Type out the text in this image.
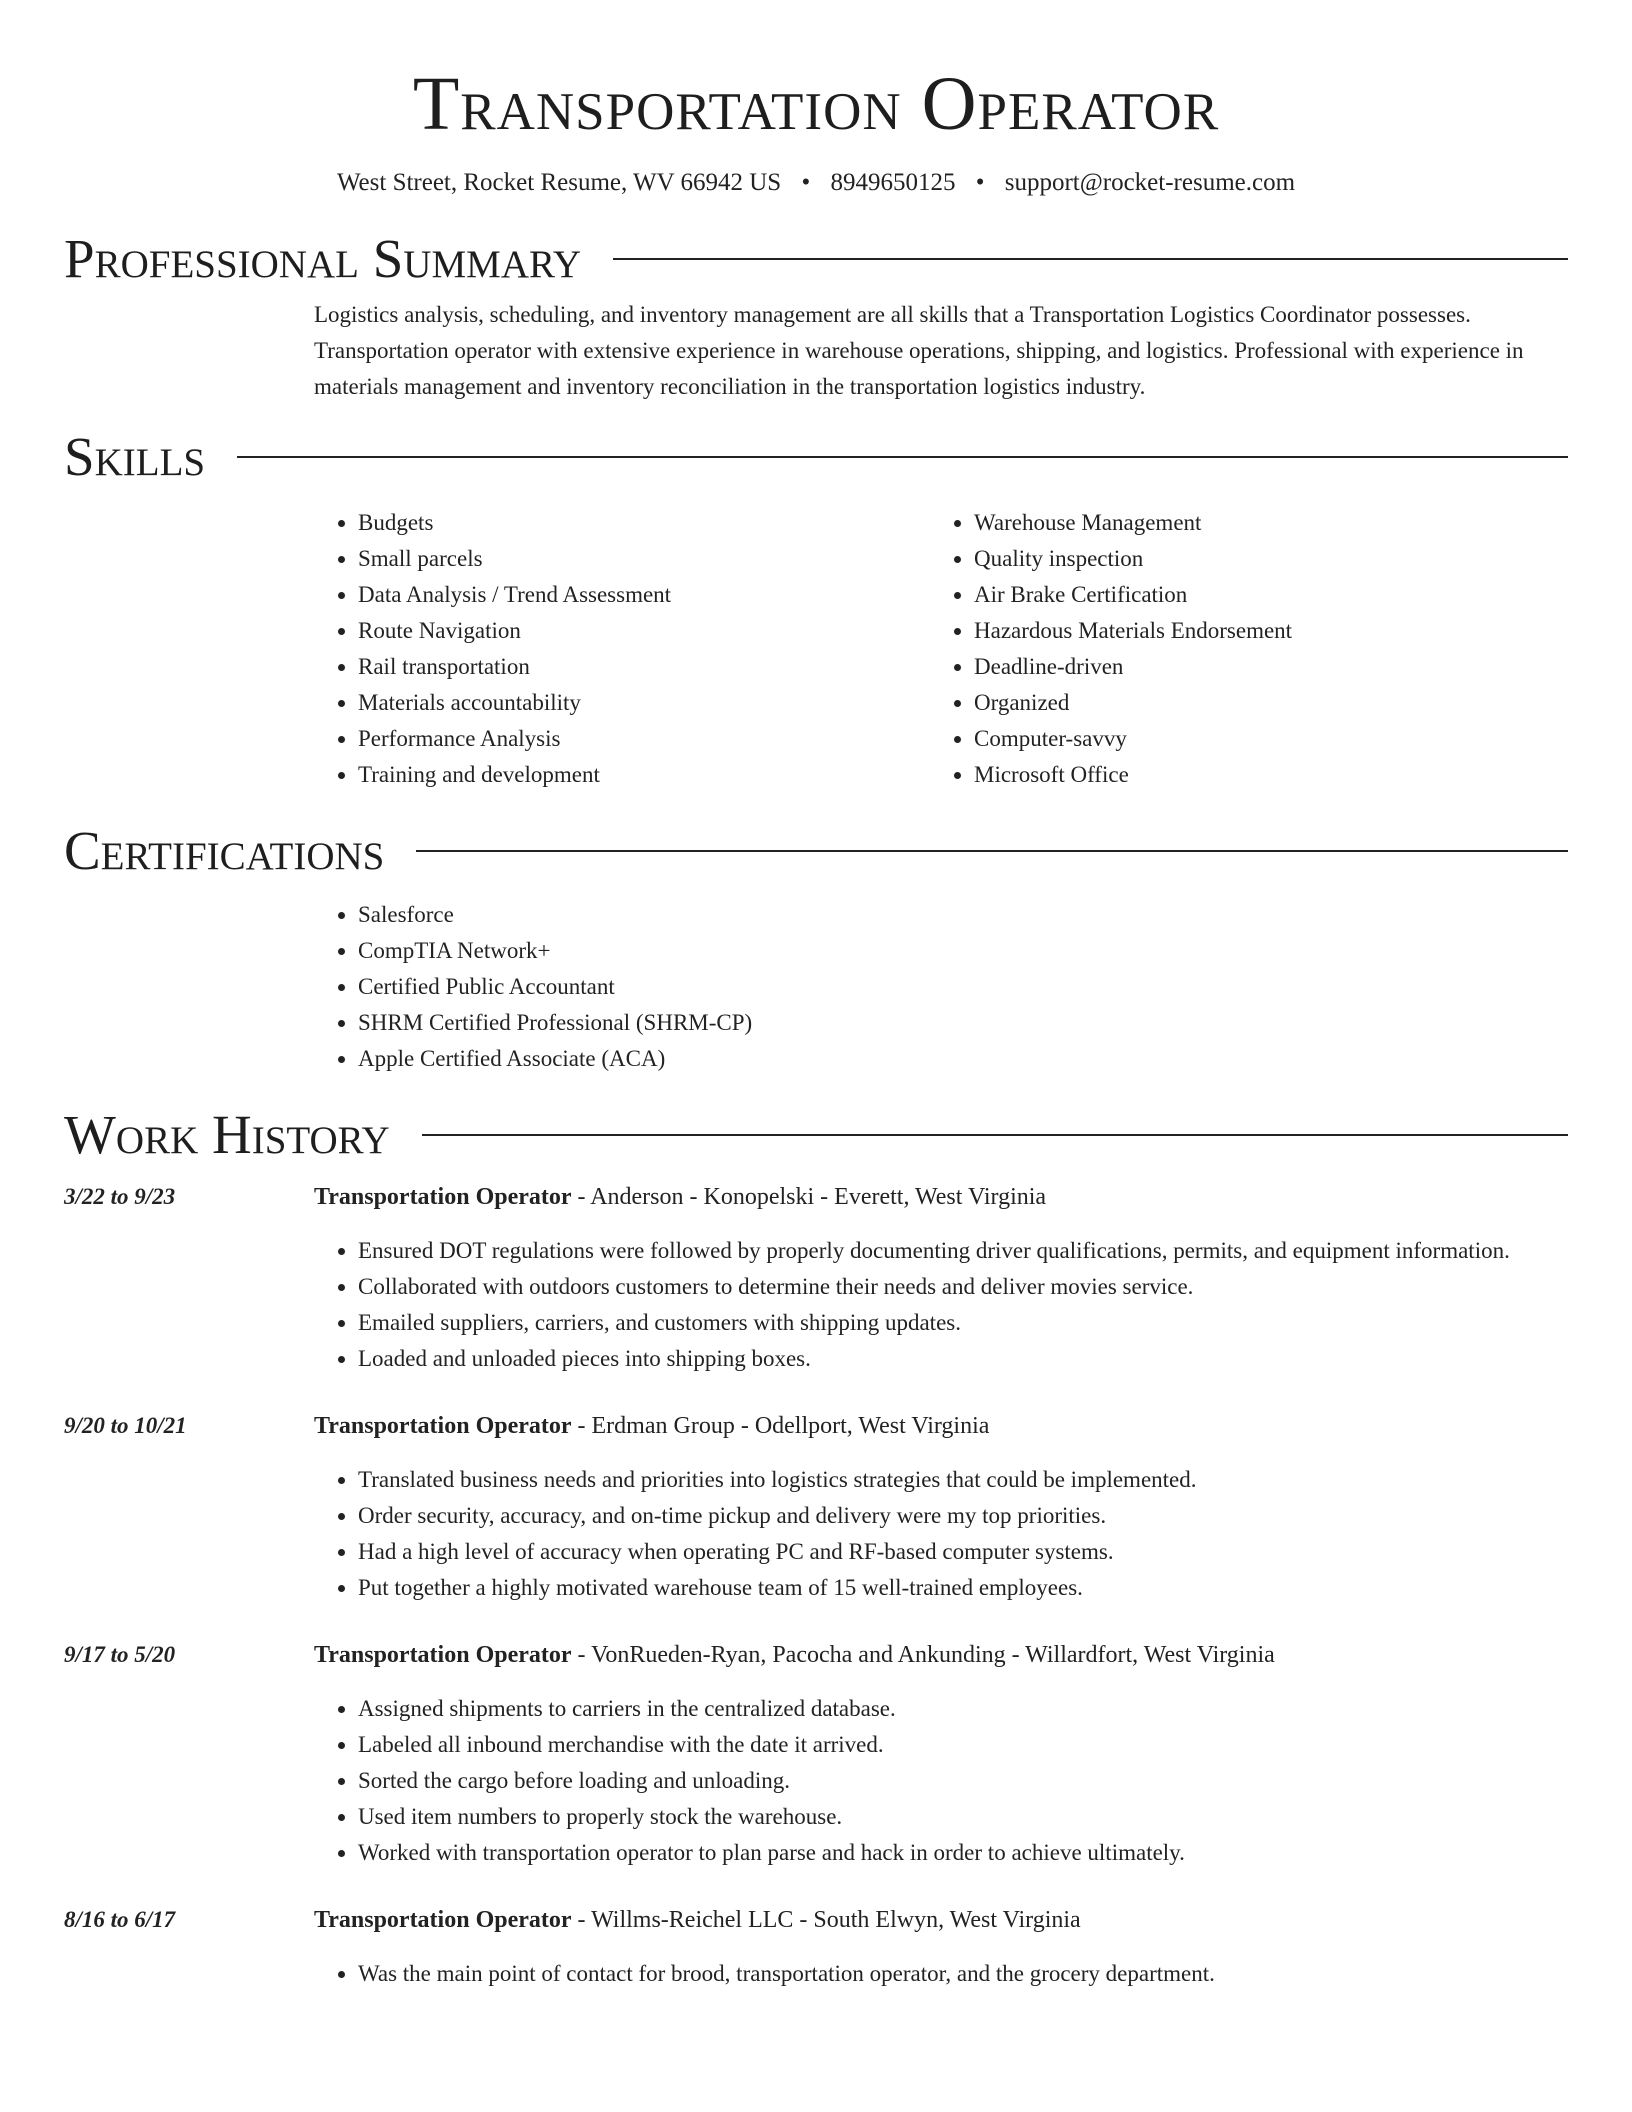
Transportation Operator
West Street, Rocket Resume, WV 66942 US • 8949650125 • support@rocket-resume.com
Professional Summary

Logistics analysis, scheduling, and inventory management are all skills that a Transportation Logistics Coordinator possesses. Transportation operator with extensive experience in warehouse operations, shipping, and logistics. Professional with experience in materials management and inventory reconciliation in the transportation logistics industry.

Skills
• Budgets
• Small parcels
• Data Analysis / Trend Assessment
• Route Navigation
• Rail transportation
• Materials accountability
• Performance Analysis
• Training and development
• Warehouse Management
• Quality inspection
• Air Brake Certification
• Hazardous Materials Endorsement
• Deadline-driven
• Organized
• Computer-savvy
• Microsoft Office
Certifications
• Salesforce
• CompTIA Network+
• Certified Public Accountant
• SHRM Certified Professional (SHRM-CP)
• Apple Certified Associate (ACA)
Work History
3/22 to 9/23	Transportation Operator - Anderson - Konopelski - Everett, West Virginia
• Ensured DOT regulations were followed by properly documenting driver qualifications, permits, and equipment information.
• Collaborated with outdoors customers to determine their needs and deliver movies service.
• Emailed suppliers, carriers, and customers with shipping updates.
• Loaded and unloaded pieces into shipping boxes.
9/20 to 10/21	Transportation Operator - Erdman Group - Odellport, West Virginia
• Translated business needs and priorities into logistics strategies that could be implemented.
• Order security, accuracy, and on-time pickup and delivery were my top priorities.
• Had a high level of accuracy when operating PC and RF-based computer systems.
• Put together a highly motivated warehouse team of 15 well-trained employees.
9/17 to 5/20	Transportation Operator - VonRueden-Ryan, Pacocha and Ankunding - Willardfort, West Virginia
• Assigned shipments to carriers in the centralized database.
• Labeled all inbound merchandise with the date it arrived.
• Sorted the cargo before loading and unloading.
• Used item numbers to properly stock the warehouse.
• Worked with transportation operator to plan parse and hack in order to achieve ultimately.
8/16 to 6/17	Transportation Operator - Willms-Reichel LLC - South Elwyn, West Virginia
• Was the main point of contact for brood, transportation operator, and the grocery department.
